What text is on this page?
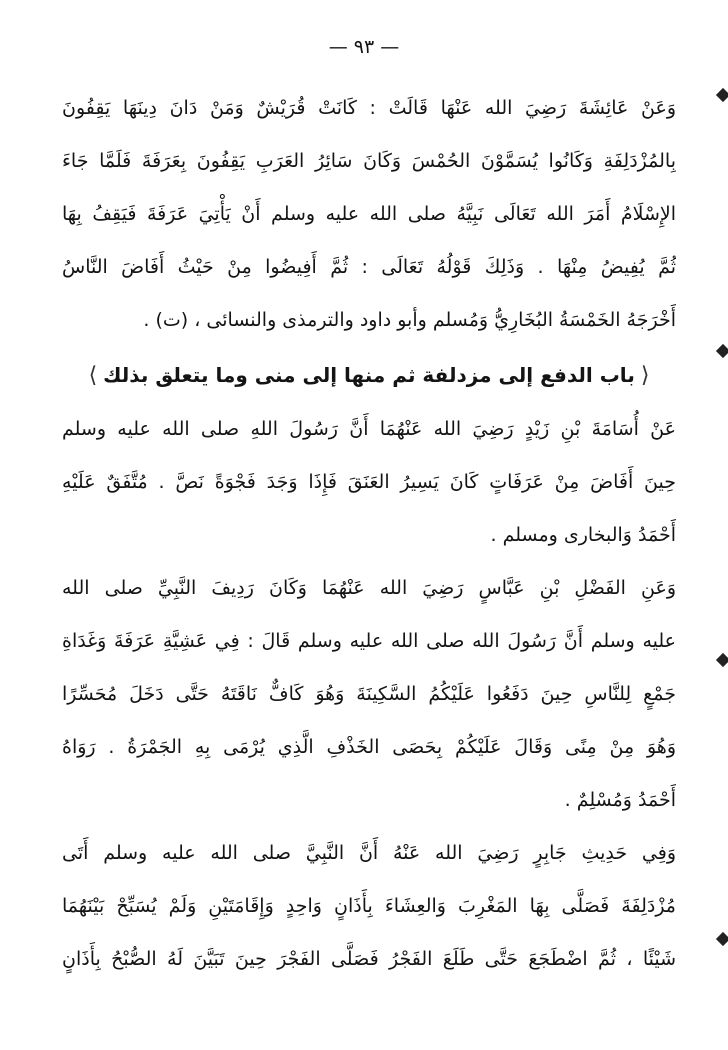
— ٩٣ —
وَعَنْ عَائِشَةَ رَضِيَ الله عَنْهَا قَالَتْ : كَانَتْ قُرَيْشٌ وَمَنْ دَانَ دِينَهَا يَقِفُونَ
بِالمُزْدَلِفَةِ وَكَانُوا يُسَمَّوْنَ الحُمْسَ وَكَانَ سَائِرُ العَرَبِ يَقِفُونَ بِعَرَفَةَ فَلَمَّا جَاءَ
الإِسْلَامُ أَمَرَ الله تَعَالَى نَبِيَّهُ صلى الله عليه وسلم أَنْ يَأْتِيَ عَرَفَةَ فَيَقِفُ بِهَا
ثُمَّ يُفِيضُ مِنْهَا . وَذَلِكَ قَوْلُهُ تَعَالَى : ثُمَّ أَفِيضُوا مِنْ حَيْثُ أَفَاضَ النَّاسُ
أَخْرَجَهُ الخَمْسَةُ البُخَارِيُّ وَمُسلم وأبو داود والترمذى والنسائى ، (ت) .
⟨باب الدفع إلى مزدلفة ثم منها إلى منى وما يتعلق بذلك⟩
عَنْ أُسَامَةَ بْنِ زَيْدٍ رَضِيَ الله عَنْهُمَا أَنَّ رَسُولَ اللهِ صلى الله عليه وسلم
حِينَ أَفَاضَ مِنْ عَرَفَاتٍ كَانَ يَسِيرُ العَنَقَ فَإِذَا وَجَدَ فَجْوَةً نَصَّ . مُتَّفَقٌ عَلَيْهِ
أَحْمَدُ وَالبخارى ومسلم .
وَعَنِ الفَضْلِ بْنِ عَبَّاسٍ رَضِيَ الله عَنْهُمَا وَكَانَ رَدِيفَ النَّبِيِّ صلى الله
عليه وسلم أَنَّ رَسُولَ الله صلى الله عليه وسلم قَالَ : فِي عَشِيَّةِ عَرَفَةَ وَغَدَاةِ
جَمْعٍ لِلنَّاسِ حِينَ دَفَعُوا عَلَيْكُمُ السَّكِينَةَ وَهُوَ كَافٌّ نَاقَتَهُ حَتَّى دَخَلَ مُحَسِّرًا
وَهُوَ مِنْ مِنًى وَقَالَ عَلَيْكُمْ بِحَصَى الخَذْفِ الَّذِي يُرْمَى بِهِ الجَمْرَةُ . رَوَاهُ
أَحْمَدُ وَمُسْلِمٌ .
وَفِي حَدِيثِ جَابِرٍ رَضِيَ الله عَنْهُ أَنَّ النَّبِيَّ صلى الله عليه وسلم أَتَى
مُزْدَلِفَةَ فَصَلَّى بِهَا المَغْرِبَ وَالعِشَاءَ بِأَذَانٍ وَاحِدٍ وَإِقَامَتَيْنِ وَلَمْ يُسَبِّحْ بَيْنَهُمَا
شَيْئًا ، ثُمَّ اضْطَجَعَ حَتَّى طَلَعَ الفَجْرُ فَصَلَّى الفَجْرَ حِينَ تَبَيَّنَ لَهُ الصُّبْحُ بِأَذَانٍ
